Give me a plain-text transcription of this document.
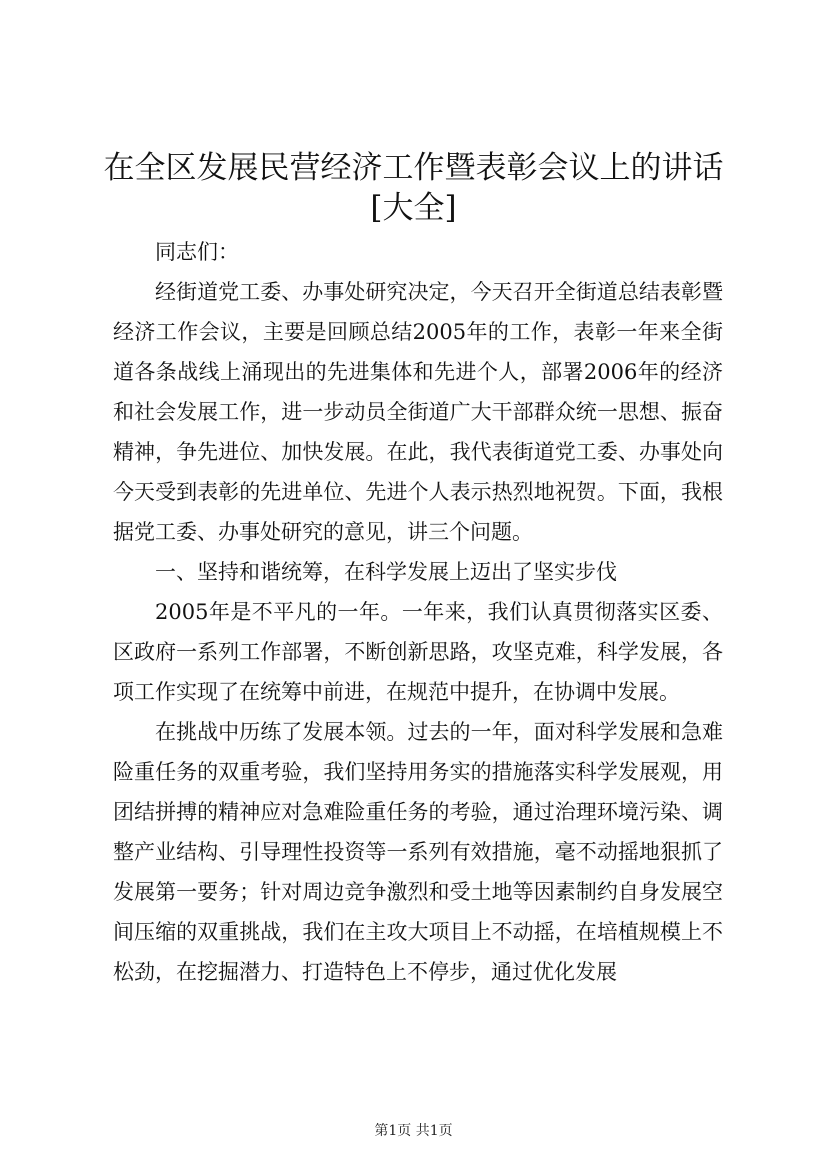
在全区发展民营经济工作暨表彰会议上的讲话
[大全]

同志们：

经街道党工委、办事处研究决定，今天召开全街道总结表彰暨经济工作会议，主要是回顾总结2005年的工作，表彰一年来全街道各条战线上涌现出的先进集体和先进个人，部署2006年的经济和社会发展工作，进一步动员全街道广大干部群众统一思想、振奋精神，争先进位、加快发展。在此，我代表街道党工委、办事处向今天受到表彰的先进单位、先进个人表示热烈地祝贺。下面，我根据党工委、办事处研究的意见，讲三个问题。

一、坚持和谐统筹，在科学发展上迈出了坚实步伐

2005年是不平凡的一年。一年来，我们认真贯彻落实区委、区政府一系列工作部署，不断创新思路，攻坚克难，科学发展，各项工作实现了在统筹中前进，在规范中提升，在协调中发展。

在挑战中历练了发展本领。过去的一年，面对科学发展和急难险重任务的双重考验，我们坚持用务实的措施落实科学发展观，用团结拼搏的精神应对急难险重任务的考验，通过治理环境污染、调整产业结构、引导理性投资等一系列有效措施，毫不动摇地狠抓了发展第一要务；针对周边竞争激烈和受土地等因素制约自身发展空间压缩的双重挑战，我们在主攻大项目上不动摇，在培植规模上不松劲，在挖掘潜力、打造特色上不停步，通过优化发展

第1页 共1页
